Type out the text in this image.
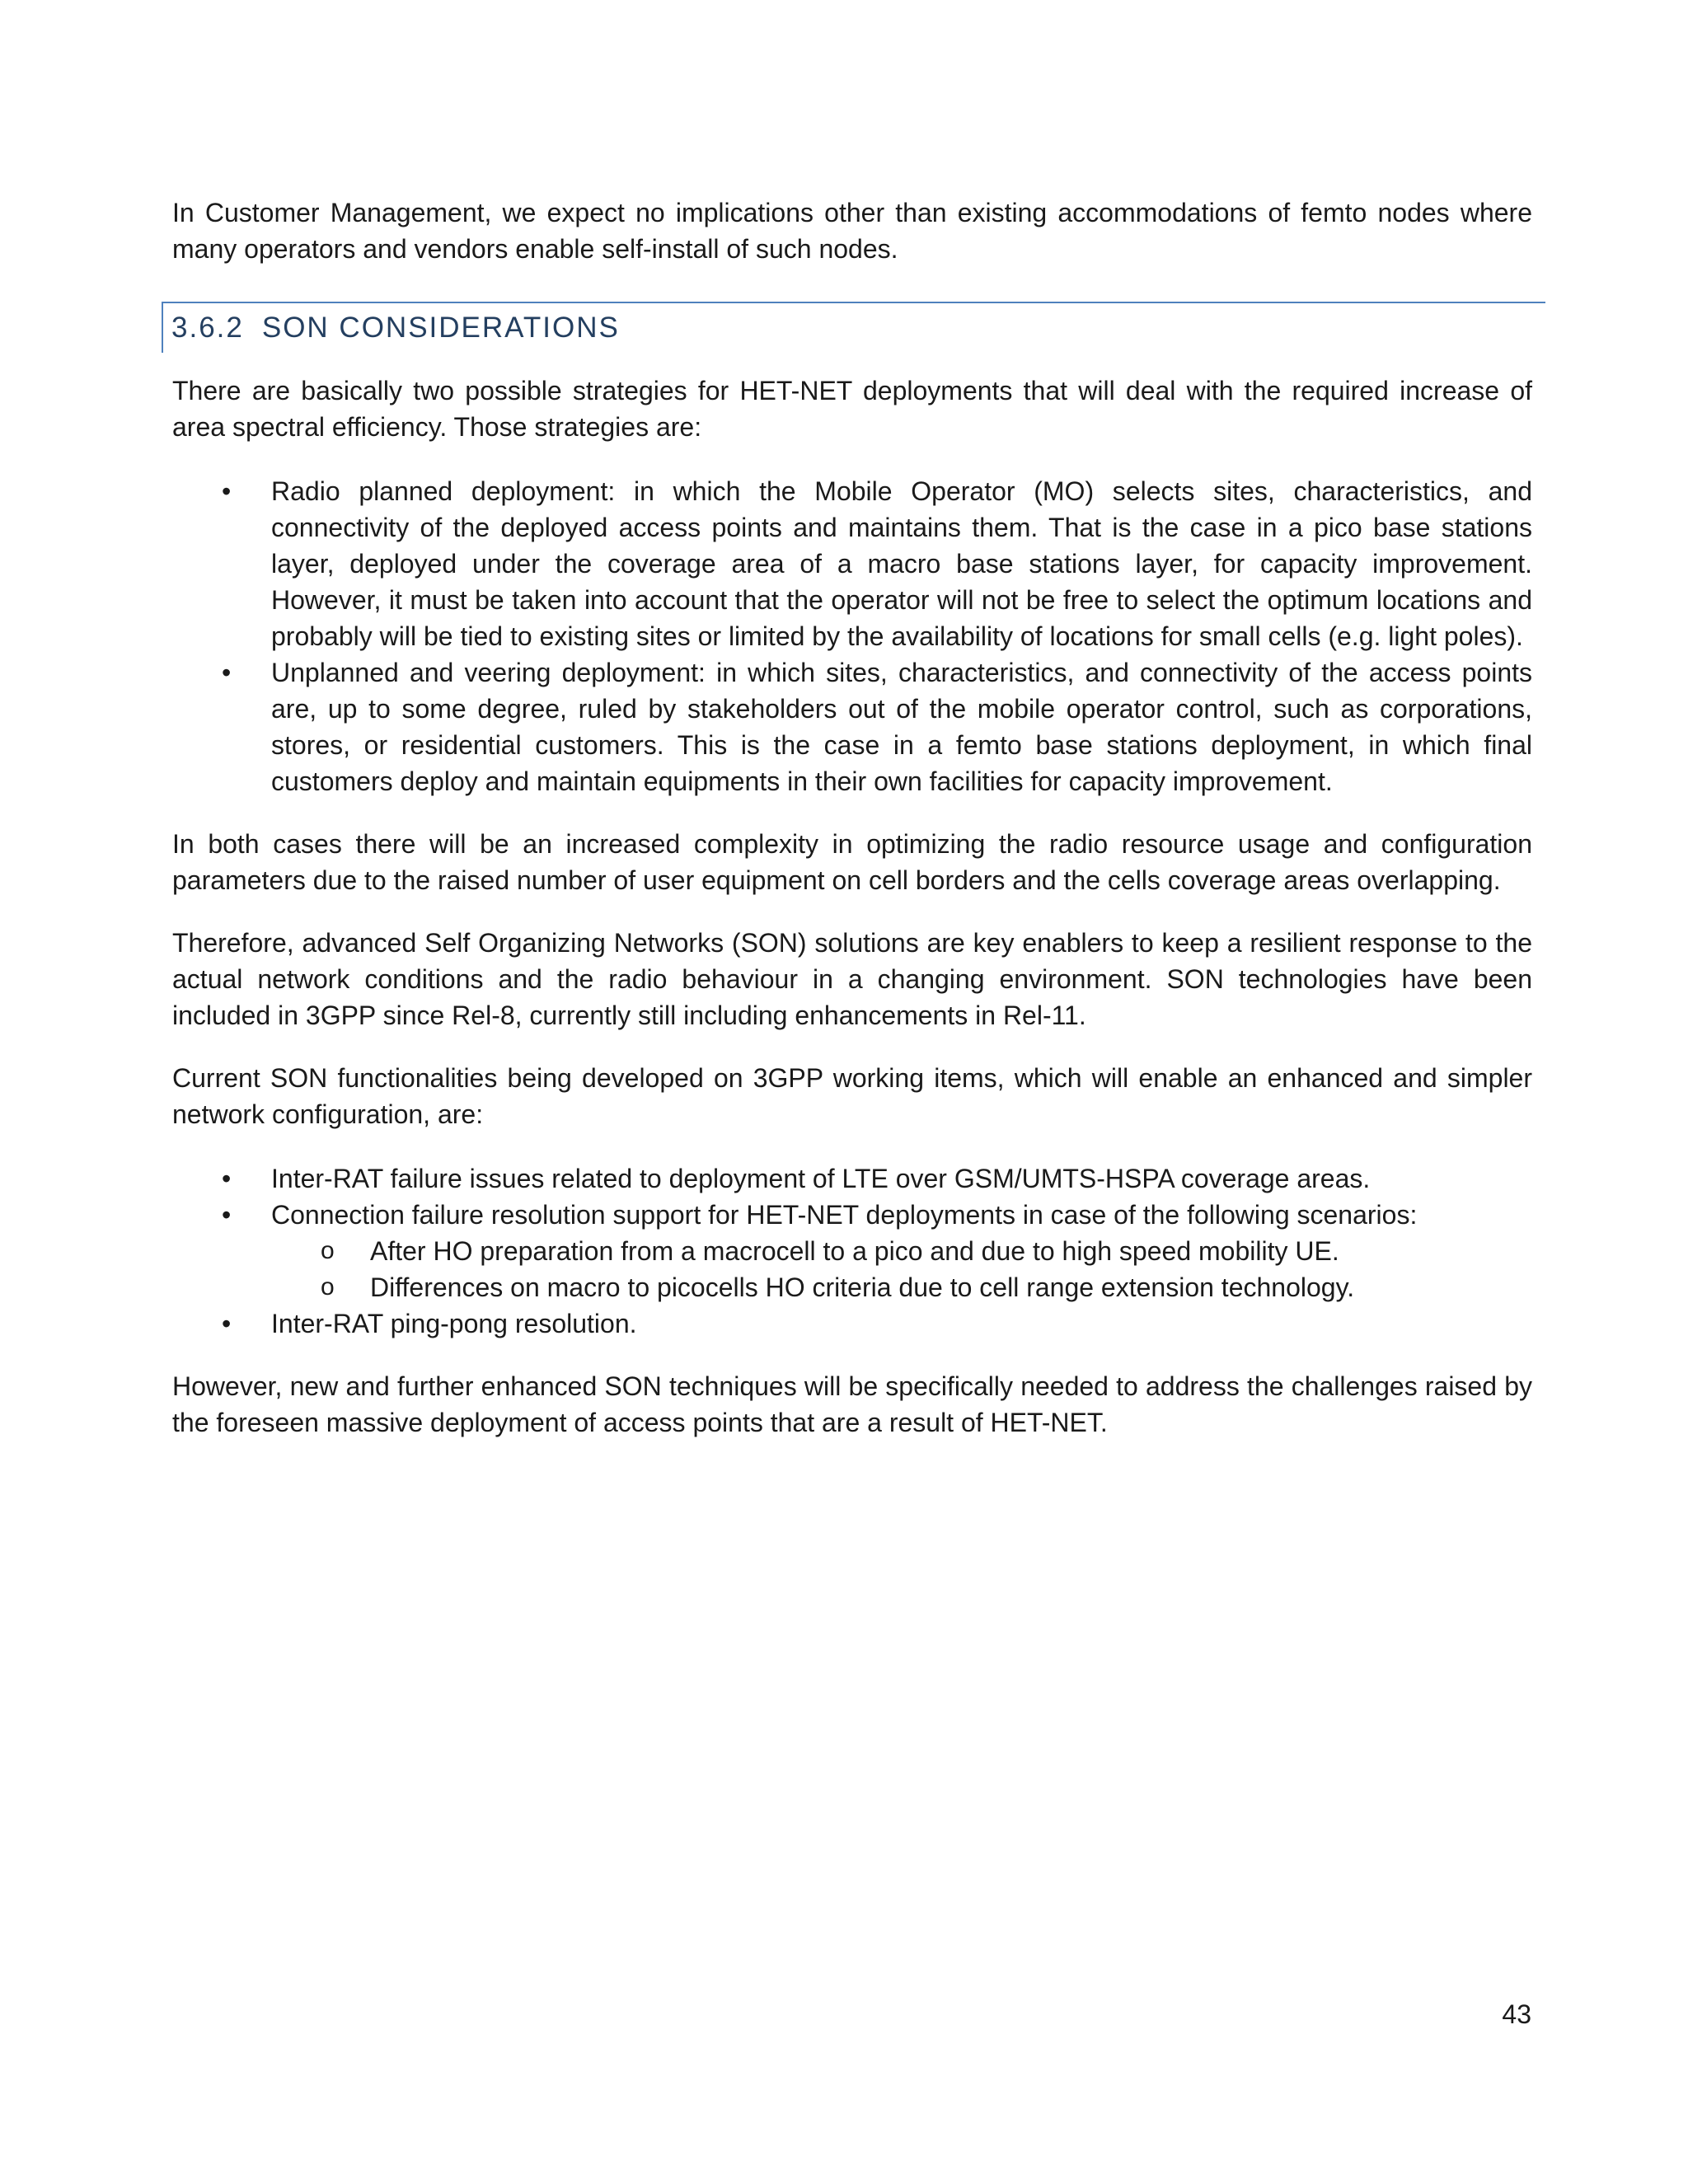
In Customer Management, we expect no implications other than existing accommodations of femto nodes where many operators and vendors enable self-install of such nodes.

3.6.2 SON CONSIDERATIONS

There are basically two possible strategies for HET-NET deployments that will deal with the required increase of area spectral efficiency. Those strategies are:

• Radio planned deployment: in which the Mobile Operator (MO) selects sites, characteristics, and connectivity of the deployed access points and maintains them. That is the case in a pico base stations layer, deployed under the coverage area of a macro base stations layer, for capacity improvement. However, it must be taken into account that the operator will not be free to select the optimum locations and probably will be tied to existing sites or limited by the availability of locations for small cells (e.g. light poles).
• Unplanned and veering deployment: in which sites, characteristics, and connectivity of the access points are, up to some degree, ruled by stakeholders out of the mobile operator control, such as corporations, stores, or residential customers. This is the case in a femto base stations deployment, in which final customers deploy and maintain equipments in their own facilities for capacity improvement.

In both cases there will be an increased complexity in optimizing the radio resource usage and configuration parameters due to the raised number of user equipment on cell borders and the cells coverage areas overlapping.

Therefore, advanced Self Organizing Networks (SON) solutions are key enablers to keep a resilient response to the actual network conditions and the radio behaviour in a changing environment. SON technologies have been included in 3GPP since Rel-8, currently still including enhancements in Rel-11.

Current SON functionalities being developed on 3GPP working items, which will enable an enhanced and simpler network configuration, are:

• Inter-RAT failure issues related to deployment of LTE over GSM/UMTS-HSPA coverage areas.
• Connection failure resolution support for HET-NET deployments in case of the following scenarios:
o After HO preparation from a macrocell to a pico and due to high speed mobility UE.
o Differences on macro to picocells HO criteria due to cell range extension technology.
• Inter-RAT ping-pong resolution.

However, new and further enhanced SON techniques will be specifically needed to address the challenges raised by the foreseen massive deployment of access points that are a result of HET-NET.

43
